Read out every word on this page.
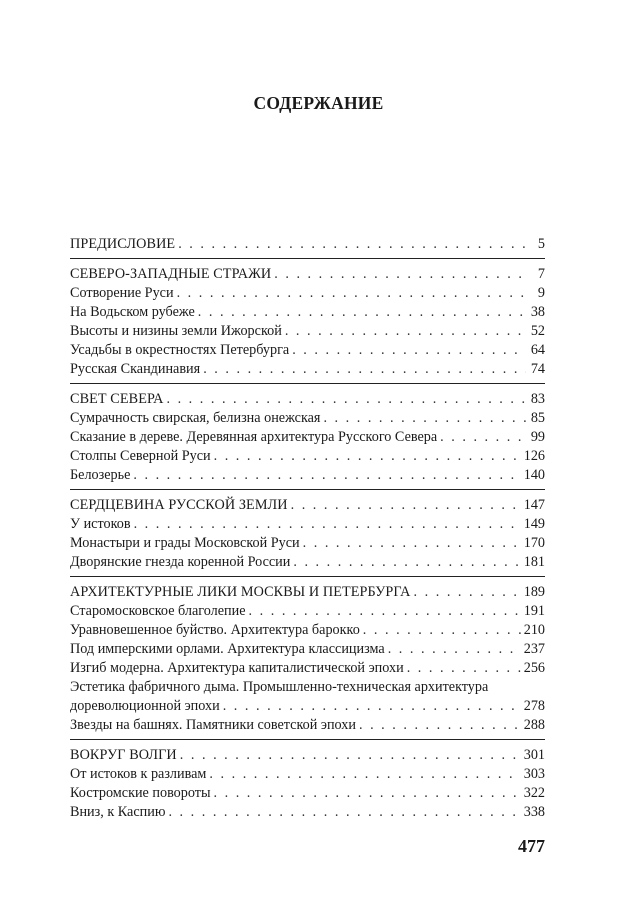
СОДЕРЖАНИЕ
ПРЕДИСЛОВИЕ . . .	5
СЕВЕРО-ЗАПАДНЫЕ СТРАЖИ . . .	7
Сотворение Руси . . .	9
На Водьском рубеже . . .	38
Высоты и низины земли Ижорской . . .	52
Усадьбы в окрестностях Петербурга . . .	64
Русская Скандинавия . . .	74
СВЕТ СЕВЕРА . . .	83
Сумрачность свирская, белизна онежская . . .	85
Сказание в дереве. Деревянная архитектура Русского Севера . . .	99
Столпы Северной Руси . . .	126
Белозерье . . .	140
СЕРДЦЕВИНА РУССКОЙ ЗЕМЛИ . . .	147
У истоков . . .	149
Монастыри и грады Московской Руси . . .	170
Дворянские гнезда коренной России . . .	181
АРХИТЕКТУРНЫЕ ЛИКИ МОСКВЫ И ПЕТЕРБУРГА . . .	189
Старомосковское благолепие . . .	191
Уравновешенное буйство. Архитектура барокко . . .	210
Под имперскими орлами. Архитектура классицизма . . .	237
Изгиб модерна. Архитектура капиталистической эпохи . . .	256
Эстетика фабричного дыма. Промышленно-техническая архитектура
дореволюционной эпохи . . .	278
Звезды на башнях. Памятники советской эпохи . . .	288
ВОКРУГ ВОЛГИ . . .	301
От истоков к разливам . . .	303
Костромские повороты . . .	322
Вниз, к Каспию . . .	338
477
